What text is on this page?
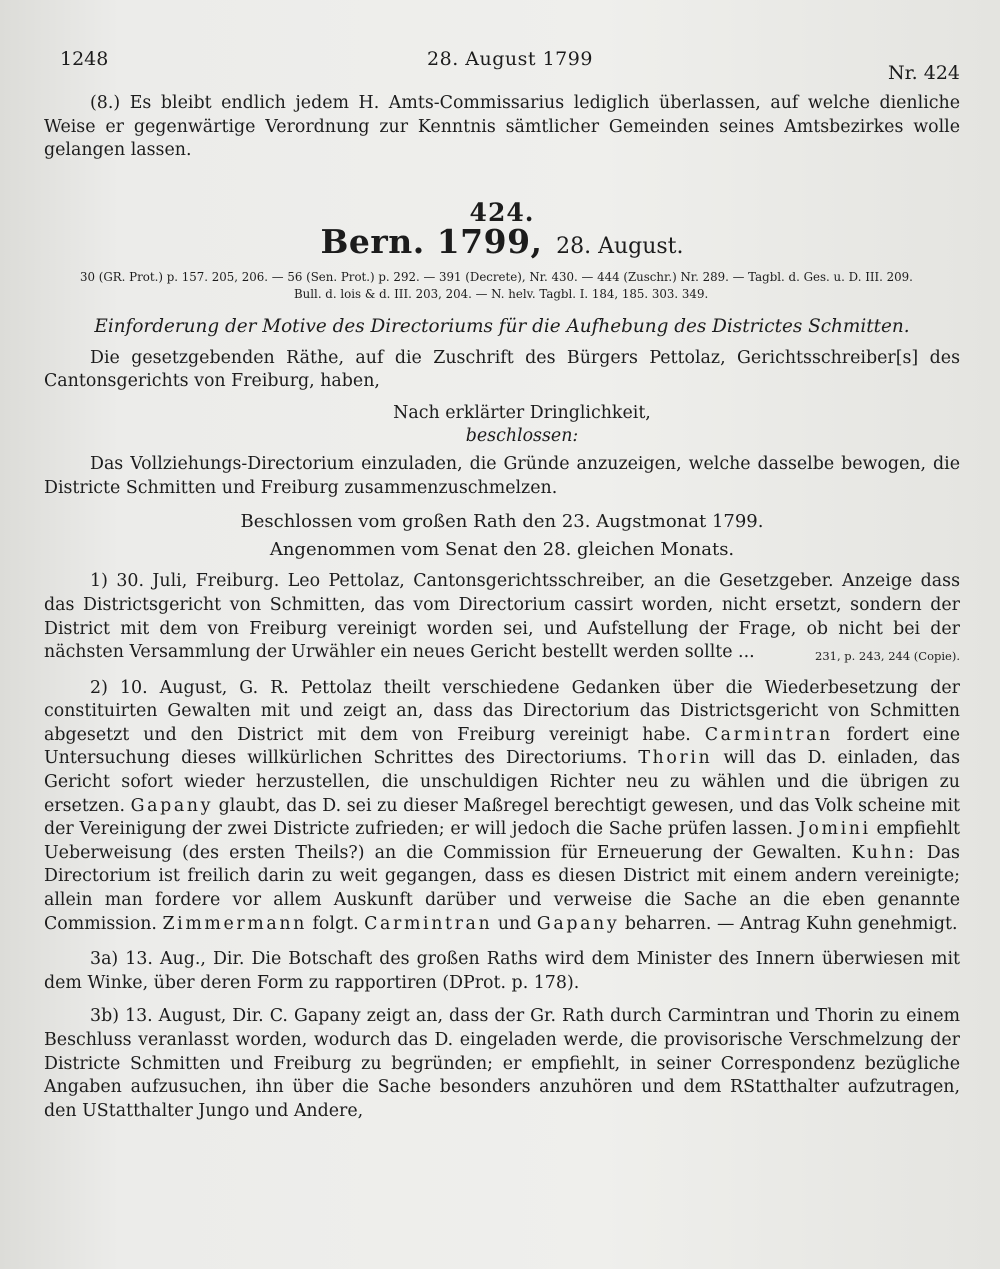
1248	28. August 1799
Nr. 424

(8.) Es bleibt endlich jedem H. Amts-Commissarius lediglich überlassen, auf welche dienliche Weise er gegenwärtige Verordnung zur Kenntnis sämtlicher Gemeinden seines Amtsbezirkes wolle gelangen lassen.

424.
Bern. 1799, 28. August.
30 (GR. Prot.) p. 157. 205, 206. — 56 (Sen. Prot.) p. 292. — 391 (Decrete), Nr. 430. — 444 (Zuschr.) Nr. 289. — Tagbl. d. Ges. u. D. III. 209.
Bull. d. lois & d. III. 203, 204. — N. helv. Tagbl. I. 184, 185. 303. 349.
Einforderung der Motive des Directoriums für die Aufhebung des Districtes Schmitten.

Die gesetzgebenden Räthe, auf die Zuschrift des Bürgers Pettolaz, Gerichtsschreiber[s] des Cantonsgerichts von Freiburg, haben,

Nach erklärter Dringlichkeit,
beschlossen:

Das Vollziehungs-Directorium einzuladen, die Gründe anzuzeigen, welche dasselbe bewogen, die Districte Schmitten und Freiburg zusammenzuschmelzen.

Beschlossen vom großen Rath den 23. Augstmonat 1799.
Angenommen vom Senat den 28. gleichen Monats.

1) 30. Juli, Freiburg. Leo Pettolaz, Cantonsgerichtsschreiber, an die Gesetzgeber. Anzeige dass das Districtsgericht von Schmitten, das vom Directorium cassirt worden, nicht ersetzt, sondern der District mit dem von Freiburg vereinigt worden sei, und Aufstellung der Frage, ob nicht bei der nächsten Versammlung der Urwähler ein neues Gericht bestellt werden sollte ...	231, p. 243, 244 (Copie).

2) 10. August, G. R. Pettolaz theilt verschiedene Gedanken über die Wiederbesetzung der constituirten Gewalten mit und zeigt an, dass das Directorium das Districtsgericht von Schmitten abgesetzt und den District mit dem von Freiburg vereinigt habe. Carmintran fordert eine Untersuchung dieses willkürlichen Schrittes des Directoriums. Thorin will das D. einladen, das Gericht sofort wieder herzustellen, die unschuldigen Richter neu zu wählen und die übrigen zu ersetzen. Gapany glaubt, das D. sei zu dieser Maßregel berechtigt gewesen, und das Volk scheine mit der Vereinigung der zwei Districte zufrieden; er will jedoch die Sache prüfen lassen. Jomini empfiehlt Ueberweisung (des ersten Theils?) an die Commission für Erneuerung der Gewalten. Kuhn: Das Directorium ist freilich darin zu weit gegangen, dass es diesen District mit einem andern vereinigte; allein man fordere vor allem Auskunft darüber und verweise die Sache an die eben genannte Commission. Zimmermann folgt. Carmintran und Gapany beharren. — Antrag Kuhn genehmigt.

3a) 13. Aug., Dir. Die Botschaft des großen Raths wird dem Minister des Innern überwiesen mit dem Winke, über deren Form zu rapportiren (DProt. p. 178).

3b) 13. August, Dir. C. Gapany zeigt an, dass der Gr. Rath durch Carmintran und Thorin zu einem Beschluss veranlasst worden, wodurch das D. eingeladen werde, die provisorische Verschmelzung der Districte Schmitten und Freiburg zu begründen; er empfiehlt, in seiner Correspondenz bezügliche Angaben aufzusuchen, ihn über die Sache besonders anzuhören und dem RStatthalter aufzutragen, den UStatthalter Jungo und Andere,
